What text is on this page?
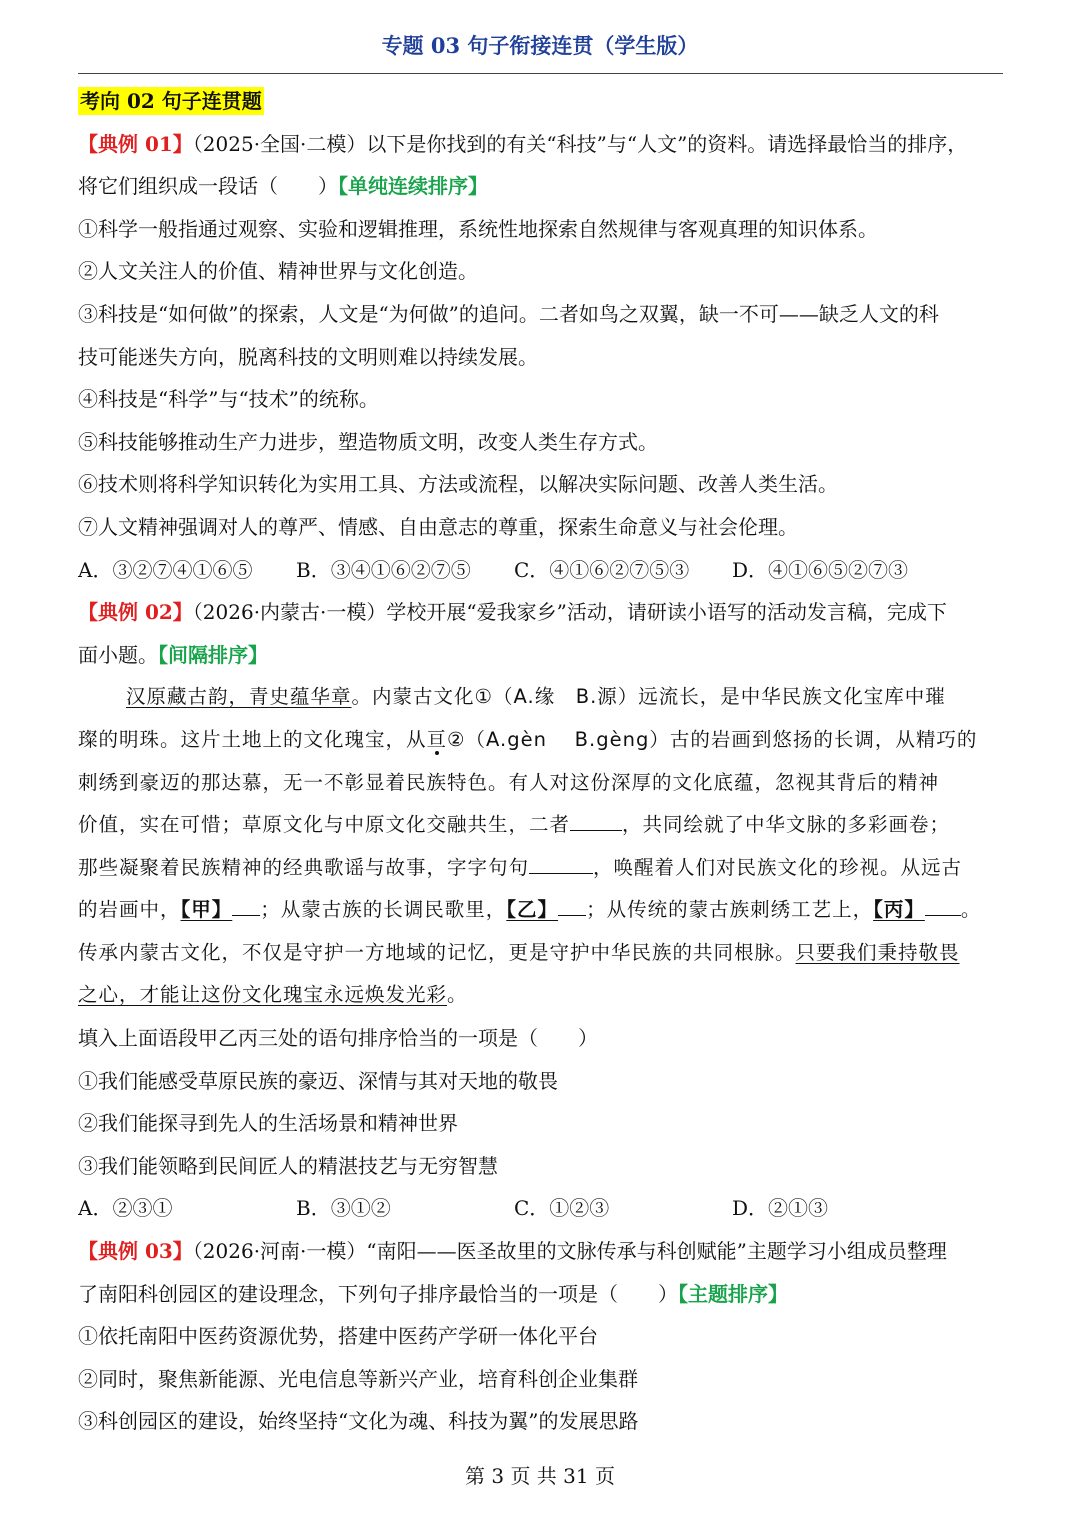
专题 03 句子衔接连贯（学生版）
考向 02 句子连贯题
【典例 01】（2025·全国·二模）以下是你找到的有关“科技”与“人文”的资料。请选择最恰当的排序，
将它们组织成一段话（　　）【单纯连续排序】
①科学一般指通过观察、实验和逻辑推理，系统性地探索自然规律与客观真理的知识体系。
②人文关注人的价值、精神世界与文化创造。
③科技是“如何做”的探索，人文是“为何做”的追问。二者如鸟之双翼，缺一不可——缺乏人文的科
技可能迷失方向，脱离科技的文明则难以持续发展。
④科技是“科学”与“技术”的统称。
⑤科技能够推动生产力进步，塑造物质文明，改变人类生存方式。
⑥技术则将科学知识转化为实用工具、方法或流程，以解决实际问题、改善人类生活。
⑦人文精神强调对人的尊严、情感、自由意志的尊重，探索生命意义与社会伦理。
A．③②⑦④①⑥⑤	B．③④①⑥②⑦⑤	C．④①⑥②⑦⑤③	D．④①⑥⑤②⑦③
【典例 02】（2026·内蒙古·一模）学校开展“爱我家乡”活动，请研读小语写的活动发言稿，完成下
面小题。【间隔排序】
汉原藏古韵，青史蕴华章。内蒙古文化①（A.缘　B.源）远流长，是中华民族文化宝库中璀
璨的明珠。这片土地上的文化瑰宝，从亘②（A.gèn　 B.gèng）古的岩画到悠扬的长调，从精巧的
刺绣到豪迈的那达慕，无一不彰显着民族特色。有人对这份深厚的文化底蕴，忽视其背后的精神
价值，实在可惜；草原文化与中原文化交融共生，二者	，共同绘就了中华文脉的多彩画卷；
那些凝聚着民族精神的经典歌谣与故事，字字句句	，唤醒着人们对民族文化的珍视。从远古
的岩画中，【甲】 ；从蒙古族的长调民歌里，【乙】 ；从传统的蒙古族刺绣工艺上，【丙】 。
传承内蒙古文化，不仅是守护一方地域的记忆，更是守护中华民族的共同根脉。只要我们秉持敬畏
之心，才能让这份文化瑰宝永远焕发光彩。
填入上面语段甲乙丙三处的语句排序恰当的一项是（　　）
①我们能感受草原民族的豪迈、深情与其对天地的敬畏
②我们能探寻到先人的生活场景和精神世界
③我们能领略到民间匠人的精湛技艺与无穷智慧
A．②③①	B．③①②	C．①②③	D．②①③
【典例 03】（2026·河南·一模）“南阳——医圣故里的文脉传承与科创赋能”主题学习小组成员整理
了南阳科创园区的建设理念，下列句子排序最恰当的一项是（　　）【主题排序】
①依托南阳中医药资源优势，搭建中医药产学研一体化平台
②同时，聚焦新能源、光电信息等新兴产业，培育科创企业集群
③科创园区的建设，始终坚持“文化为魂、科技为翼”的发展思路
第 3 页 共 31 页
